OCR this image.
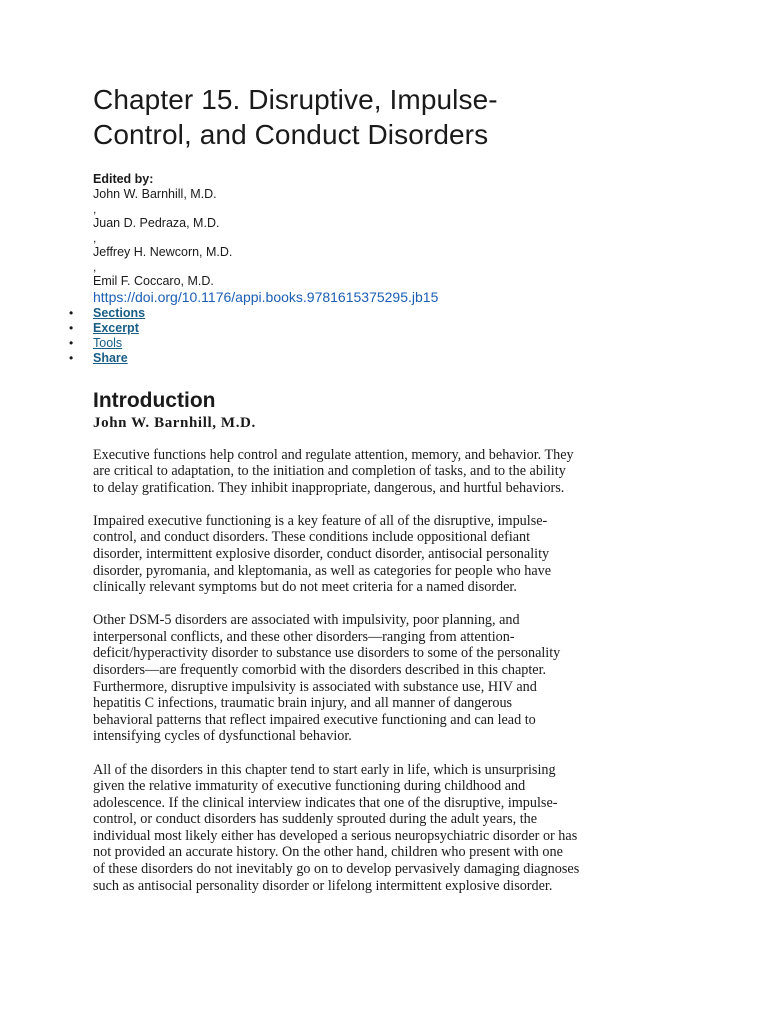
Chapter 15. Disruptive, Impulse-
Control, and Conduct Disorders
Edited by:
John W. Barnhill, M.D.
,
Juan D. Pedraza, M.D.
,
Jeffrey H. Newcorn, M.D.
,
Emil F. Coccaro, M.D.
https://doi.org/10.1176/appi.books.9781615375295.jb15
• Sections
• Excerpt
• Tools
• Share
Introduction
John W. Barnhill, M.D.

Executive functions help control and regulate attention, memory, and behavior. They
are critical to adaptation, to the initiation and completion of tasks, and to the ability
to delay gratification. They inhibit inappropriate, dangerous, and hurtful behaviors.

Impaired executive functioning is a key feature of all of the disruptive, impulse-
control, and conduct disorders. These conditions include oppositional defiant
disorder, intermittent explosive disorder, conduct disorder, antisocial personality
disorder, pyromania, and kleptomania, as well as categories for people who have
clinically relevant symptoms but do not meet criteria for a named disorder.

Other DSM-5 disorders are associated with impulsivity, poor planning, and
interpersonal conflicts, and these other disorders—ranging from attention-
deficit/hyperactivity disorder to substance use disorders to some of the personality
disorders—are frequently comorbid with the disorders described in this chapter.
Furthermore, disruptive impulsivity is associated with substance use, HIV and
hepatitis C infections, traumatic brain injury, and all manner of dangerous
behavioral patterns that reflect impaired executive functioning and can lead to
intensifying cycles of dysfunctional behavior.

All of the disorders in this chapter tend to start early in life, which is unsurprising
given the relative immaturity of executive functioning during childhood and
adolescence. If the clinical interview indicates that one of the disruptive, impulse-
control, or conduct disorders has suddenly sprouted during the adult years, the
individual most likely either has developed a serious neuropsychiatric disorder or has
not provided an accurate history. On the other hand, children who present with one
of these disorders do not inevitably go on to develop pervasively damaging diagnoses
such as antisocial personality disorder or lifelong intermittent explosive disorder.
